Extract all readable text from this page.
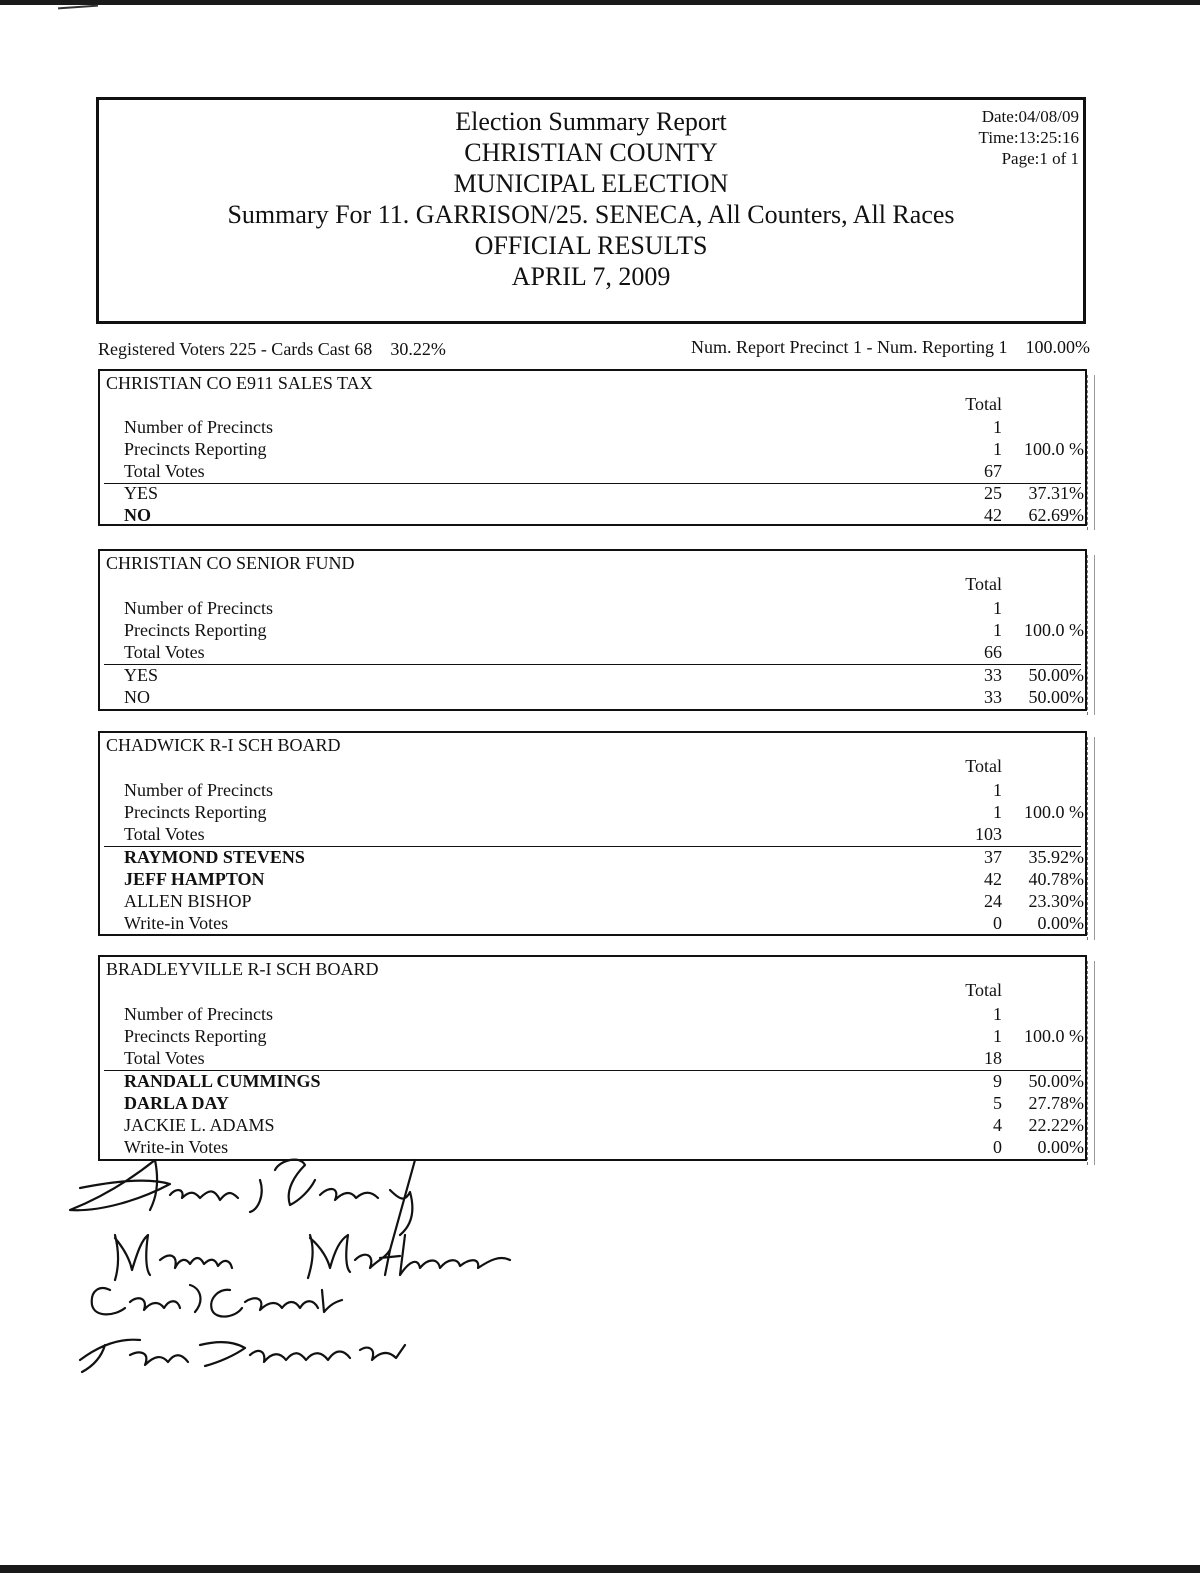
Election Summary Report
CHRISTIAN COUNTY
MUNICIPAL ELECTION
Summary For 11. GARRISON/25. SENECA, All Counters, All Races
OFFICIAL RESULTS
APRIL 7, 2009
Date:04/08/09
Time:13:25:16
Page:1 of 1
Registered Voters 225 - Cards Cast 68 30.22%	Num. Report Precinct 1 - Num. Reporting 1 100.00%
CHRISTIAN CO E911 SALES TAX
Total
Number of Precincts	1
Precincts Reporting	1	100.0 %
Total Votes	67
YES	25	37.31%
NO	42	62.69%
CHRISTIAN CO SENIOR FUND
Total
Number of Precincts	1
Precincts Reporting	1	100.0 %
Total Votes	66
YES	33	50.00%
NO	33	50.00%
CHADWICK R-I SCH BOARD
Total
Number of Precincts	1
Precincts Reporting	1	100.0 %
Total Votes	103
RAYMOND STEVENS	37	35.92%
JEFF HAMPTON	42	40.78%
ALLEN BISHOP	24	23.30%
Write-in Votes	0	0.00%
BRADLEYVILLE R-I SCH BOARD
Total
Number of Precincts	1
Precincts Reporting	1	100.0 %
Total Votes	18
RANDALL CUMMINGS	9	50.00%
DARLA DAY	5	27.78%
JACKIE L. ADAMS	4	22.22%
Write-in Votes	0	0.00%
